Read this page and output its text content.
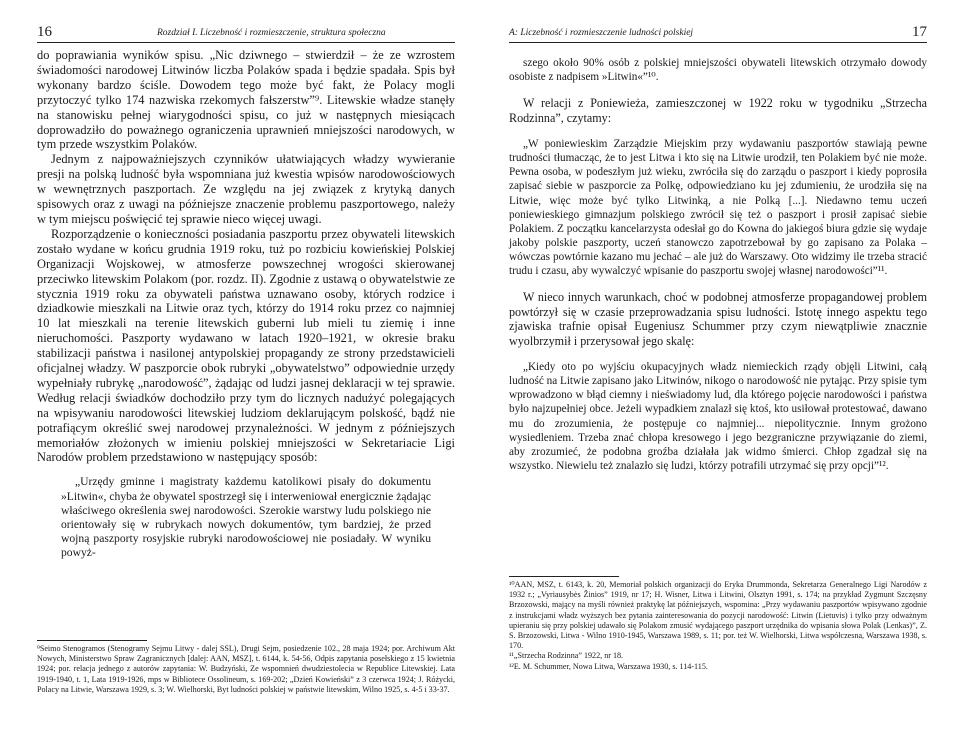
16	Rozdział I. Liczebność i rozmieszczenie, struktura społeczna

do poprawiania wyników spisu. „Nic dziwnego – stwierdził – że ze wzrostem świadomości narodowej Litwinów liczba Polaków spada i będzie spadała. Spis był wykonany bardzo ściśle. Dowodem tego może być fakt, że Polacy mogli przytoczyć tylko 174 nazwiska rzekomych fałszerstw”⁹. Litewskie władze stanęły na stanowisku pełnej wiarygodności spisu, co już w następnych miesiącach doprowadziło do poważnego ograniczenia uprawnień mniejszości narodowych, w tym przede wszystkim Polaków.

Jednym z najpoważniejszych czynników ułatwiających władzy wywieranie presji na polską ludność była wspomniana już kwestia wpisów narodowościowych w wewnętrznych paszportach. Ze względu na jej związek z krytyką danych spisowych oraz z uwagi na późniejsze znaczenie problemu paszportowego, należy w tym miejscu poświęcić tej sprawie nieco więcej uwagi.

Rozporządzenie o konieczności posiadania paszportu przez obywateli litewskich zostało wydane w końcu grudnia 1919 roku, tuż po rozbiciu kowieńskiej Polskiej Organizacji Wojskowej, w atmosferze powszechnej wrogości skierowanej przeciwko litewskim Polakom (por. rozdz. II). Zgodnie z ustawą o obywatelstwie ze stycznia 1919 roku za obywateli państwa uznawano osoby, których rodzice i dziadkowie mieszkali na Litwie oraz tych, którzy do 1914 roku przez co najmniej 10 lat mieszkali na terenie litewskich guberni lub mieli tu ziemię i inne nieruchomości. Paszporty wydawano w latach 1920–1921, w okresie braku stabilizacji państwa i nasilonej antypolskiej propagandy ze strony przedstawicieli oficjalnej władzy. W paszporcie obok rubryki „obywatelstwo” odpowiednie urzędy wypełniały rubrykę „narodowość”, żądając od ludzi jasnej deklaracji w tej sprawie. Według relacji świadków dochodziło przy tym do licznych nadużyć polegających na wpisywaniu narodowości litewskiej ludziom deklarującym polskość, bądź nie potrafiącym określić swej narodowej przynależności. W jednym z późniejszych memoriałów złożonych w imieniu polskiej mniejszości w Sekretariacie Ligi Narodów problem przedstawiono w następujący sposób:

„Urzędy gminne i magistraty każdemu katolikowi pisały do dokumentu »Litwin«, chyba że obywatel spostrzegł się i interweniował energicznie żądając właściwego określenia swej narodowości. Szerokie warstwy ludu polskiego nie orientowały się w rubrykach nowych dokumentów, tym bardziej, że przed wojną paszporty rosyjskie rubryki narodowościowej nie posiadały. W wyniku powyż-

⁹Seimo Stenogramos (Stenogramy Sejmu Litwy - dalej SSL), Drugi Sejm, posiedzenie 102., 28 maja 1924; por. Archiwum Akt Nowych, Ministerstwo Spraw Zagranicznych [dalej: AAN, MSZ], t. 6144, k. 54-56, Odpis zapytania posełskiego z 15 kwietnia 1924; por. relacja jednego z autorów zapytania: W. Budzyński, Ze wspomnień dwudziestolecia w Republice Litewskiej. Lata 1919-1940, t. 1, Lata 1919-1926, mps w Bibliotece Ossolineum, s. 169-202; „Dzień Kowieński” z 3 czerwca 1924; J. Różycki, Polacy na Litwie, Warszawa 1929, s. 3; W. Wielhorski, Byt ludności polskiej w państwie litewskim, Wilno 1925, s. 4-5 i 33-37.

A: Liczebność i rozmieszczenie ludności polskiej	17

szego około 90% osób z polskiej mniejszości obywateli litewskich otrzymało dowody osobiste z nadpisem »Litwin«”¹⁰.

W relacji z Poniewieża, zamieszczonej w 1922 roku w tygodniku „Strzecha Rodzinna”, czytamy:

„W poniewieskim Zarządzie Miejskim przy wydawaniu paszportów stawiają pewne trudności tłumacząc, że to jest Litwa i kto się na Litwie urodził, ten Polakiem być nie może. Pewna osoba, w podeszłym już wieku, zwróciła się do zarządu o paszport i kiedy poprosiła zapisać siebie w paszporcie za Polkę, odpowiedziano ku jej zdumieniu, że urodziła się na Litwie, więc może być tylko Litwinką, a nie Polką [...]. Niedawno temu uczeń poniewieskiego gimnazjum polskiego zwrócił się też o paszport i prosił zapisać siebie Polakiem. Z początku kancelarzysta odesłał go do Kowna do jakiegoś biura gdzie się wydaje jakoby polskie paszporty, uczeń stanowczo zapotrzebował by go zapisano za Polaka – wówczas powtórnie kazano mu jechać – ale już do Warszawy. Oto widzimy ile trzeba stracić trudu i czasu, aby wywalczyć wpisanie do paszportu swojej własnej narodowości”¹¹.

W nieco innych warunkach, choć w podobnej atmosferze propagandowej problem powtórzył się w czasie przeprowadzania spisu ludności. Istotę innego aspektu tego zjawiska trafnie opisał Eugeniusz Schummer przy czym niewątpliwie znacznie wyolbrzymił i przerysował jego skalę:

„Kiedy oto po wyjściu okupacyjnych władz niemieckich rządy objęli Litwini, całą ludność na Litwie zapisano jako Litwinów, nikogo o narodowość nie pytając. Przy spisie tym wprowadzono w błąd ciemny i nieświadomy lud, dla którego pojęcie narodowości i państwa było najzupełniej obce. Jeżeli wypadkiem znalazł się ktoś, kto usiłował protestować, dawano mu do zrozumienia, że postępuje co najmniej... niepolitycznie. Innym grożono wysiedleniem. Trzeba znać chłopa kresowego i jego bezgraniczne przywiązanie do ziemi, aby zrozumieć, że podobna groźba działała jak widmo śmierci. Chłop zgadzał się na wszystko. Niewielu też znalazło się ludzi, którzy potrafili utrzymać się przy opcji”¹².

¹⁰AAN, MSZ, t. 6143, k. 20, Memoriał polskich organizacji do Eryka Drummonda, Sekretarza Generalnego Ligi Narodów z 1932 r.; „Vyriausybės Žinios” 1919, nr 17; H. Wisner, Litwa i Litwini, Olsztyn 1991, s. 174; na przykład Zygmunt Szczęsny Brzozowski, mający na myśli również praktykę lat późniejszych, wspomina: „Przy wydawaniu paszportów wpisywano zgodnie z instrukcjami władz wyższych bez pytania zainteresowania do pozycji narodowość: Litwin (Lietuvis) i tylko przy odważnym upieraniu się przy polskiej udawało się Polakom zmusić wydającego paszport urzędnika do wpisania słowa Polak (Lenkas)”, Z. S. Brzozowski, Litwa - Wilno 1910-1945, Warszawa 1989, s. 11; por. też W. Wielhorski, Litwa współczesna, Warszawa 1938, s. 170.

¹¹„Strzecha Rodzinna” 1922, nr 18.

¹²E. M. Schummer, Nowa Litwa, Warszawa 1930, s. 114-115.
